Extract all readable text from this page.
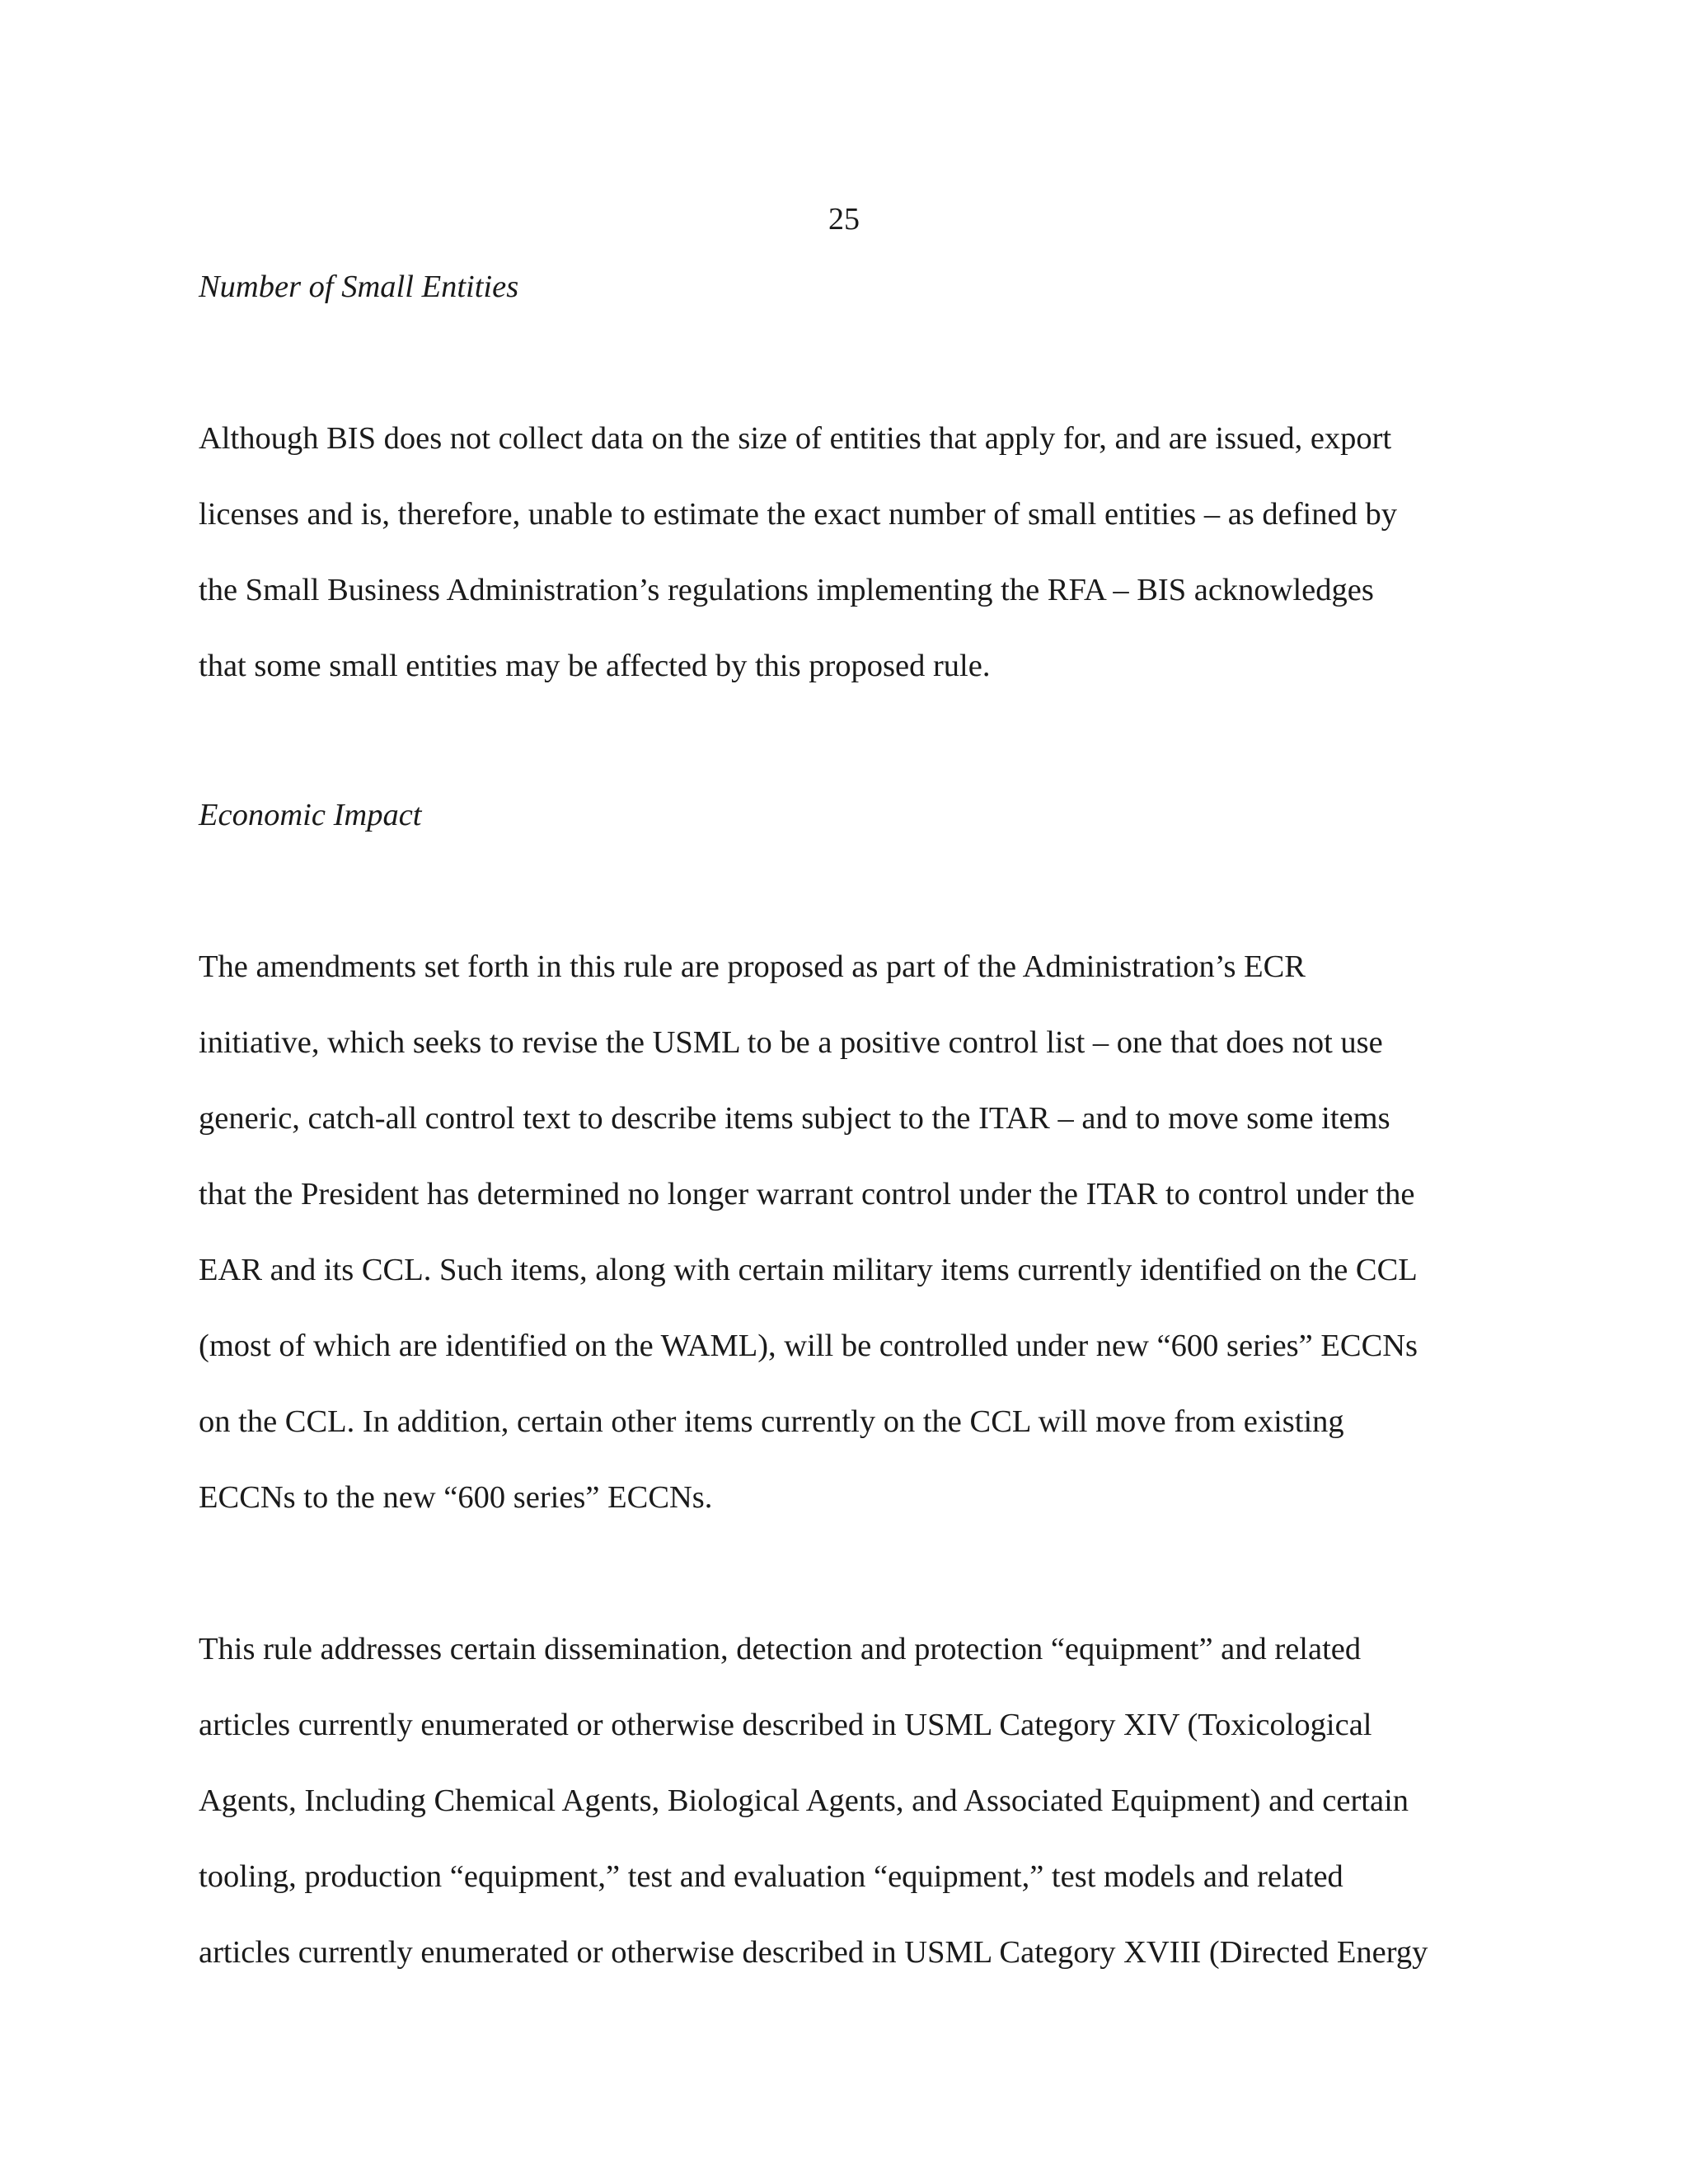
25

Number of Small Entities

Although BIS does not collect data on the size of entities that apply for, and are issued, export
licenses and is, therefore, unable to estimate the exact number of small entities – as defined by
the Small Business Administration’s regulations implementing the RFA – BIS acknowledges
that some small entities may be affected by this proposed rule.

Economic Impact

The amendments set forth in this rule are proposed as part of the Administration’s ECR
initiative, which seeks to revise the USML to be a positive control list – one that does not use
generic, catch-all control text to describe items subject to the ITAR – and to move some items
that the President has determined no longer warrant control under the ITAR to control under the
EAR and its CCL. Such items, along with certain military items currently identified on the CCL
(most of which are identified on the WAML), will be controlled under new “600 series” ECCNs
on the CCL. In addition, certain other items currently on the CCL will move from existing
ECCNs to the new “600 series” ECCNs.

This rule addresses certain dissemination, detection and protection “equipment” and related
articles currently enumerated or otherwise described in USML Category XIV (Toxicological
Agents, Including Chemical Agents, Biological Agents, and Associated Equipment) and certain
tooling, production “equipment,” test and evaluation “equipment,” test models and related
articles currently enumerated or otherwise described in USML Category XVIII (Directed Energy
